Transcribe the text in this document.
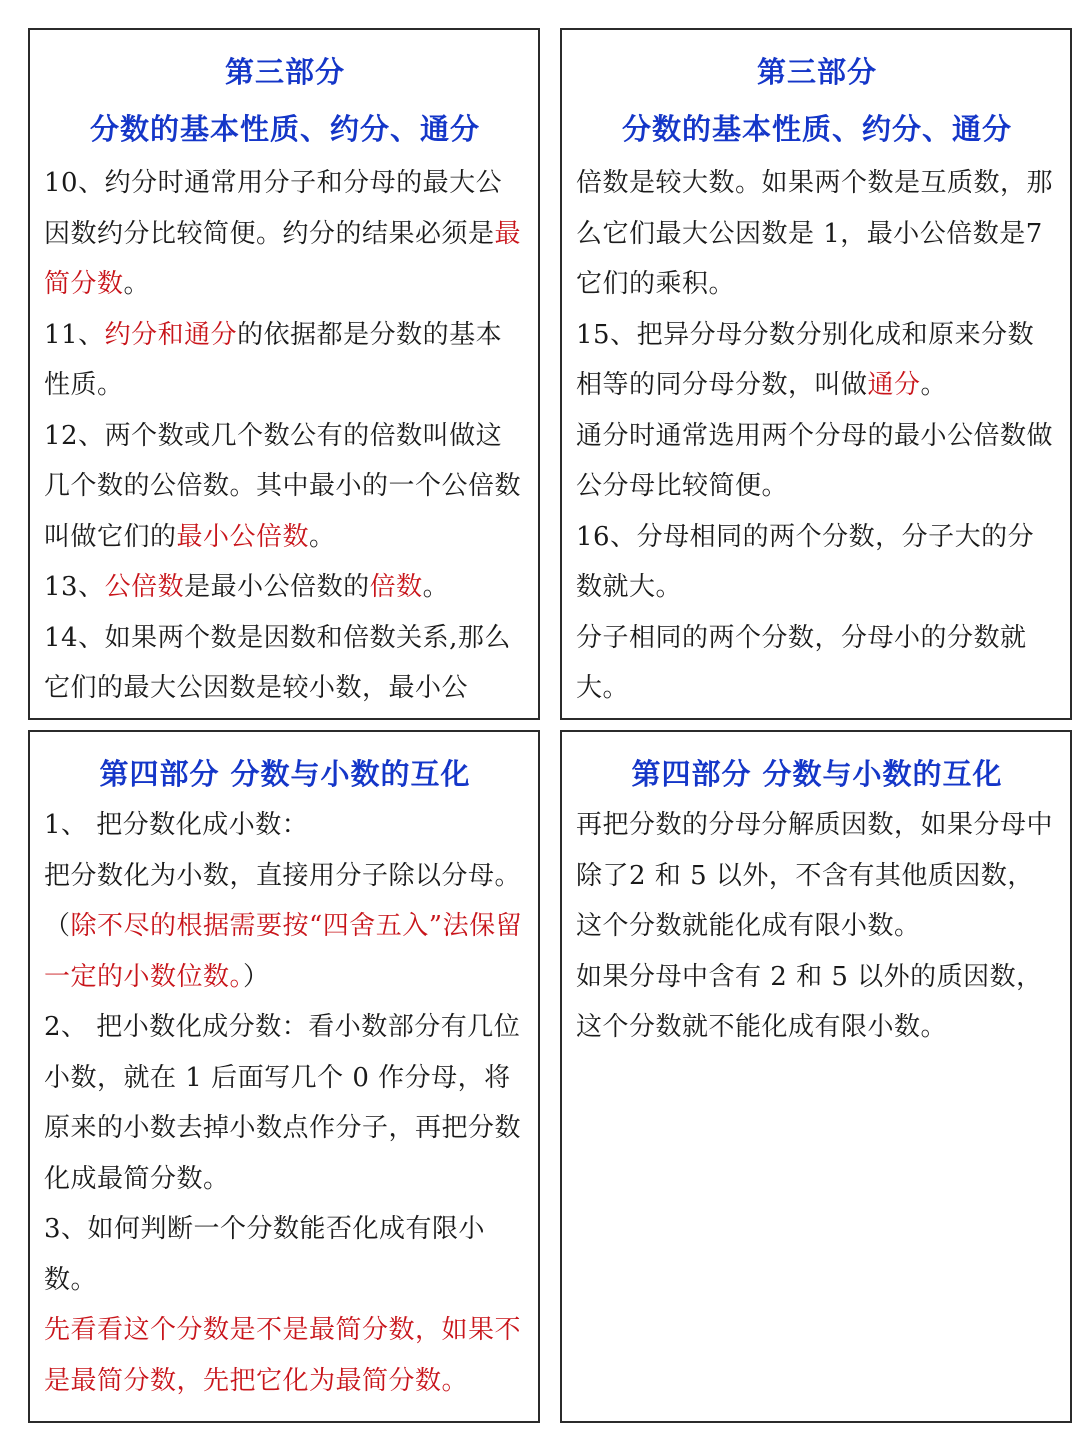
第三部分
分数的基本性质、约分、通分

10、约分时通常用分子和分母的最大公因数约分比较简便。约分的结果必须是最简分数。

11、约分和通分的依据都是分数的基本性质。

12、两个数或几个数公有的倍数叫做这几个数的公倍数。其中最小的一个公倍数叫做它们的最小公倍数。

13、公倍数是最小公倍数的倍数。

14、如果两个数是因数和倍数关系,那么它们的最大公因数是较小数，最小公

第三部分
分数的基本性质、约分、通分

倍数是较大数。如果两个数是互质数，那么它们最大公因数是 1，最小公倍数是7它们的乘积。

15、把异分母分数分别化成和原来分数相等的同分母分数，叫做通分。

通分时通常选用两个分母的最小公倍数做公分母比较简便。

16、分母相同的两个分数，分子大的分数就大。

分子相同的两个分数，分母小的分数就大。

第四部分 分数与小数的互化

1、 把分数化成小数：

把分数化为小数，直接用分子除以分母。

（除不尽的根据需要按“四舍五入”法保留一定的小数位数。）

2、 把小数化成分数：看小数部分有几位小数，就在 1 后面写几个 0 作分母，将原来的小数去掉小数点作分子，再把分数化成最简分数。

3、如何判断一个分数能否化成有限小数。

先看看这个分数是不是最简分数，如果不是最简分数，先把它化为最简分数。

第四部分 分数与小数的互化

再把分数的分母分解质因数，如果分母中除了2 和 5 以外，不含有其他质因数，这个分数就能化成有限小数。

如果分母中含有 2 和 5 以外的质因数，这个分数就不能化成有限小数。
